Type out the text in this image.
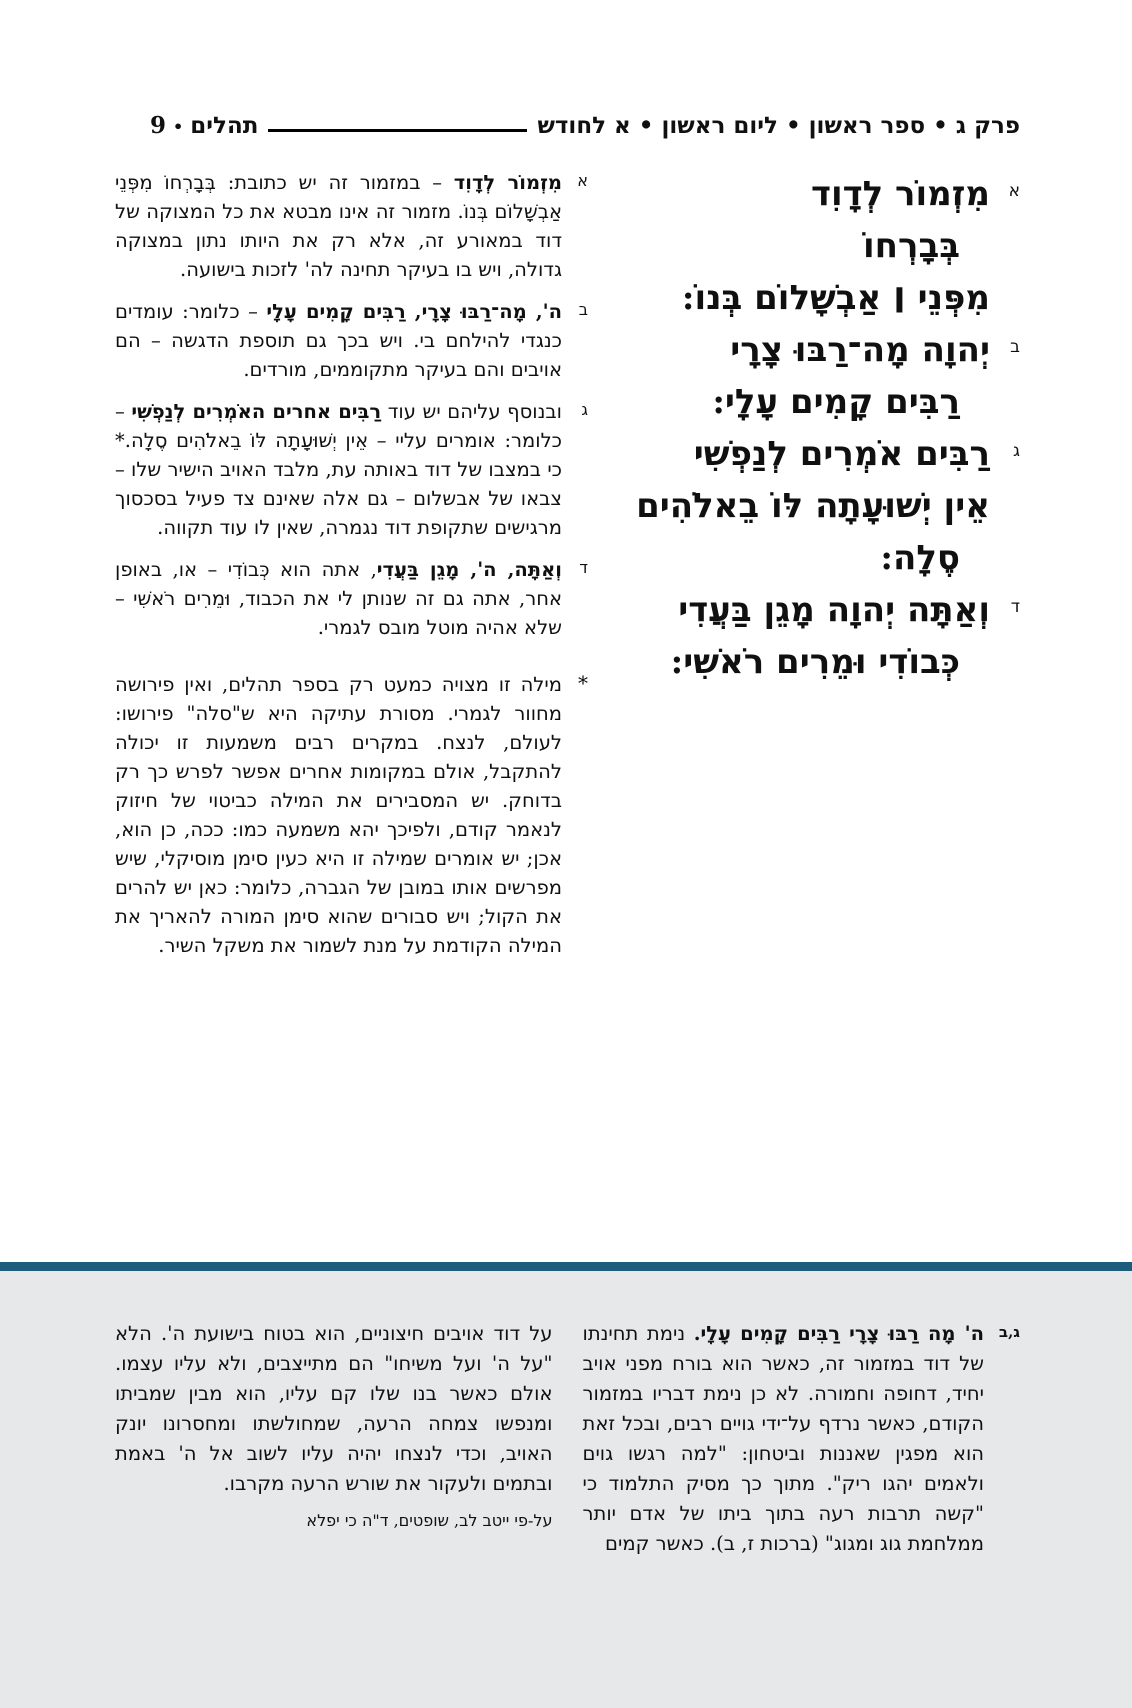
פרק ג • ספר ראשון • ליום ראשון • א לחודש
תהלים
•
9
א
מִזְמוֹר לְדָוִד
בְּבָרְחוֹ
מִפְּנֵי ׀ אַבְשָׁלוֹם בְּנוֹ:
ב
יְהוָה מָה־רַבּוּ צָרָי
רַבִּים קָמִים עָלָי:
ג
רַבִּים אֹמְרִים לְנַפְשִׁי
אֵין יְשׁוּעָתָה לּוֹ בֵאלֹהִים
סֶלָה:
ד
וְאַתָּה יְהוָה מָגֵן בַּעֲדִי
כְּבוֹדִי וּמֵרִים רֹאשִׁי:
א
מִזְמוֹר לְדָוִד – במזמור זה יש כתובת: בְּבָרְחוֹ מִפְּנֵי אַבְשָׁלוֹם בְּנוֹ. מזמור זה אינו מבטא את כל המצוקה של דוד במאורע זה, אלא רק את היותו נתון במצוקה גדולה, ויש בו בעיקר תחינה לה' לזכות בישועה.
ב
ה', מָה־רַבּוּ צָרָי, רַבִּים קָמִים עָלָי – כלומר: עומדים כנגדי להילחם בי. ויש בכך גם תוספת הדגשה – הם אויבים והם בעיקר מתקוממים, מורדים.
ג
ובנוסף עליהם יש עוד רַבִּים אחרים האֹמְרִים לְנַפְשִׁי – כלומר: אומרים עליי – אֵין יְשׁוּעָתָה לּוֹ בֵאלֹהִים סֶלָה.* כי במצבו של דוד באותה עת, מלבד האויב הישיר שלו – צבאו של אבשלום – גם אלה שאינם צד פעיל בסכסוך מרגישים שתקופת דוד נגמרה, שאין לו עוד תקווה.
ד
וְאַתָּה, ה', מָגֵן בַּעֲדִי, אתה הוא כְּבוֹדִי – או, באופן אחר, אתה גם זה שנותן לי את הכבוד, וּמֵרִים רֹאשִׁי – שלא אהיה מוטל מובס לגמרי.
*
מילה זו מצויה כמעט רק בספר תהלים, ואין פירושה מחוור לגמרי. מסורת עתיקה היא ש"סלה" פירושו: לעולם, לנצח. במקרים רבים משמעות זו יכולה להתקבל, אולם במקומות אחרים אפשר לפרש כך רק בדוחק. יש המסבירים את המילה כביטוי של חיזוק לנאמר קודם, ולפיכך יהא משמעה כמו: ככה, כן הוא, אכן; יש אומרים שמילה זו היא כעין סימן מוסיקלי, שיש מפרשים אותו במובן של הגברה, כלומר: כאן יש להרים את הקול; ויש סבורים שהוא סימן המורה להאריך את המילה הקודמת על מנת לשמור את משקל השיר.
ג,ב
ה' מָה רַבּוּ צָרָי רַבִּים קָמִים עָלָי. נימת תחינתו של דוד במזמור זה, כאשר הוא בורח מפני אויב יחיד, דחופה וחמורה. לא כן נימת דבריו במזמור הקודם, כאשר נרדף על־ידי גויים רבים, ובכל זאת הוא מפגין שאננות וביטחון: "למה רגשו גוים ולאמים יהגו ריק". מתוך כך מסיק התלמוד כי "קשה תרבות רעה בתוך ביתו של אדם יותר ממלחמת גוג ומגוג" (ברכות ז, ב). כאשר קמים
על דוד אויבים חיצוניים, הוא בטוח בישועת ה'. הלא "על ה' ועל משיחו" הם מתייצבים, ולא עליו עצמו. אולם כאשר בנו שלו קם עליו, הוא מבין שמביתו ומנפשו צמחה הרעה, שמחולשתו ומחסרונו יונק האויב, וכדי לנצחו יהיה עליו לשוב אל ה' באמת ובתמים ולעקור את שורש הרעה מקרבו.
על-פי ייטב לב, שופטים, ד"ה כי יפלא
